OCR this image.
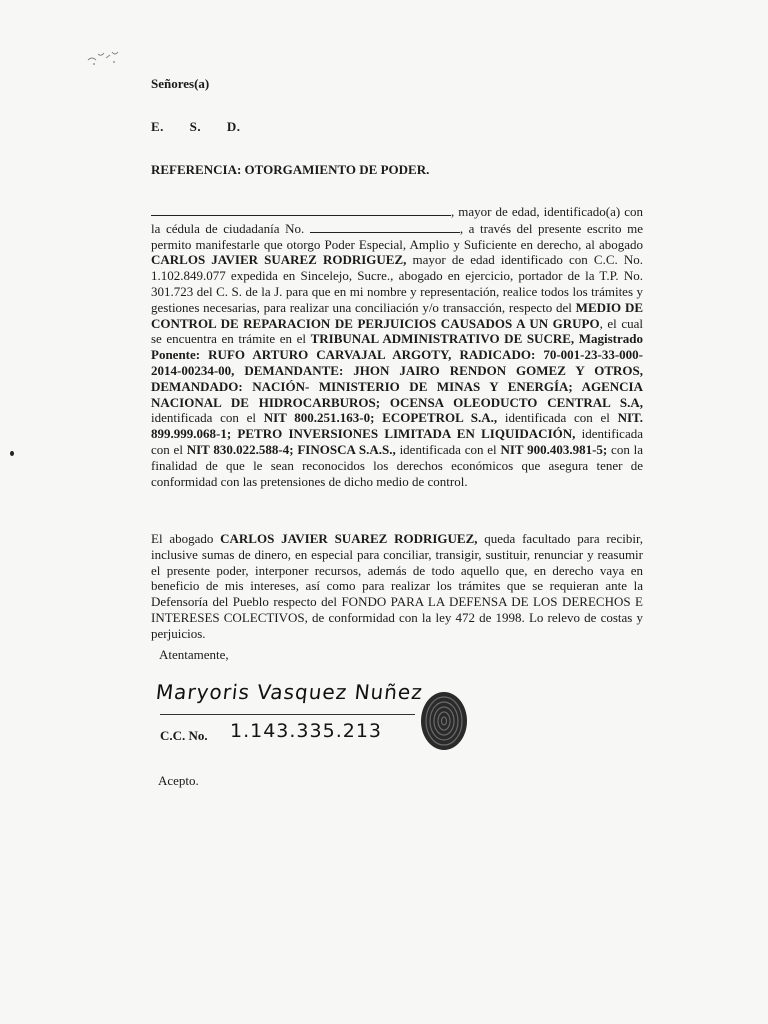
Señores(a)
E. S. D.
REFERENCIA: OTORGAMIENTO DE PODER.
, mayor de edad, identificado(a) con la cédula de ciudadanía No.	, a través del presente escrito me permito manifestarle que otorgo Poder Especial, Amplio y Suficiente en derecho, al abogado CARLOS JAVIER SUAREZ RODRIGUEZ, mayor de edad identificado con C.C. No. 1.102.849.077 expedida en Sincelejo, Sucre., abogado en ejercicio, portador de la T.P. No. 301.723 del C. S. de la J. para que en mi nombre y representación, realice todos los trámites y gestiones necesarias, para realizar una conciliación y/o transacción, respecto del MEDIO DE CONTROL DE REPARACION DE PERJUICIOS CAUSADOS A UN GRUPO, el cual se encuentra en trámite en el TRIBUNAL ADMINISTRATIVO DE SUCRE, Magistrado Ponente: RUFO ARTURO CARVAJAL ARGOTY, RADICADO: 70-001-23-33-000-2014-00234-00, DEMANDANTE: JHON JAIRO RENDON GOMEZ Y OTROS, DEMANDADO: NACIÓN- MINISTERIO DE MINAS Y ENERGÍA; AGENCIA NACIONAL DE HIDROCARBUROS; OCENSA OLEODUCTO CENTRAL S.A, identificada con el NIT 800.251.163-0; ECOPETROL S.A., identificada con el NIT. 899.999.068-1; PETRO INVERSIONES LIMITADA EN LIQUIDACIÓN, identificada con el NIT 830.022.588-4; FINOSCA S.A.S., identificada con el NIT 900.403.981-5; con la finalidad de que le sean reconocidos los derechos económicos que asegura tener de conformidad con las pretensiones de dicho medio de control.
El abogado CARLOS JAVIER SUAREZ RODRIGUEZ, queda facultado para recibir, inclusive sumas de dinero, en especial para conciliar, transigir, sustituir, renunciar y reasumir el presente poder, interponer recursos, además de todo aquello que, en derecho vaya en beneficio de mis intereses, así como para realizar los trámites que se requieran ante la Defensoría del Pueblo respecto del FONDO PARA LA DEFENSA DE LOS DERECHOS E INTERESES COLECTIVOS, de conformidad con la ley 472 de 1998. Lo relevo de costas y perjuicios.
Atentamente,
Maryoris Vasquez Nuñez
C.C. No. 1.143.335.213
Acepto.
